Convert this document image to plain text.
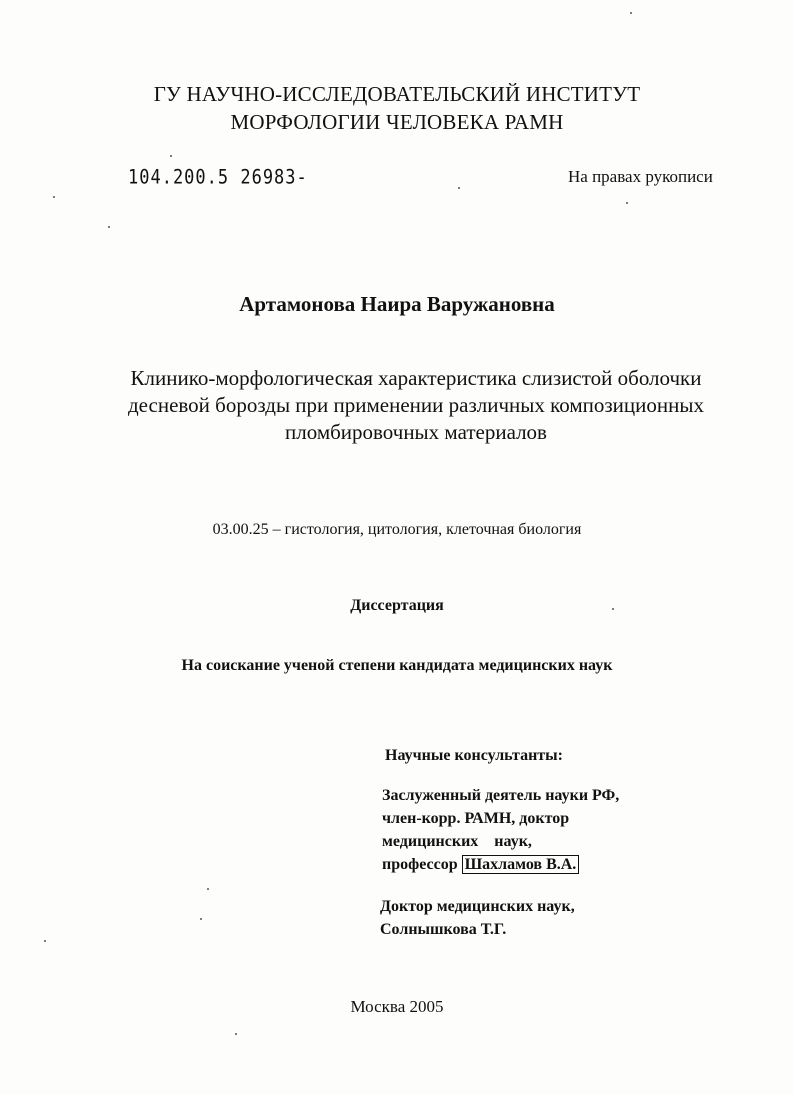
ГУ НАУЧНО-ИССЛЕДОВАТЕЛЬСКИЙ ИНСТИТУТ
МОРФОЛОГИИ ЧЕЛОВЕКА РАМН
104.200.5 26983-	На правах рукописи
Артамонова Наира Варужановна
Клинико-морфологическая характеристика слизистой оболочки
десневой борозды при применении различных композиционных
пломбировочных материалов
03.00.25 – гистология, цитология, клеточная биология
Диссертация
На соискание ученой степени кандидата медицинских наук
Научные консультанты:
Заслуженный деятель науки РФ,
член-корр. РАМН, доктор
медицинских    наук,
профессор Шахламов В.А.
Доктор медицинских наук,
Солнышкова Т.Г.
Москва 2005
